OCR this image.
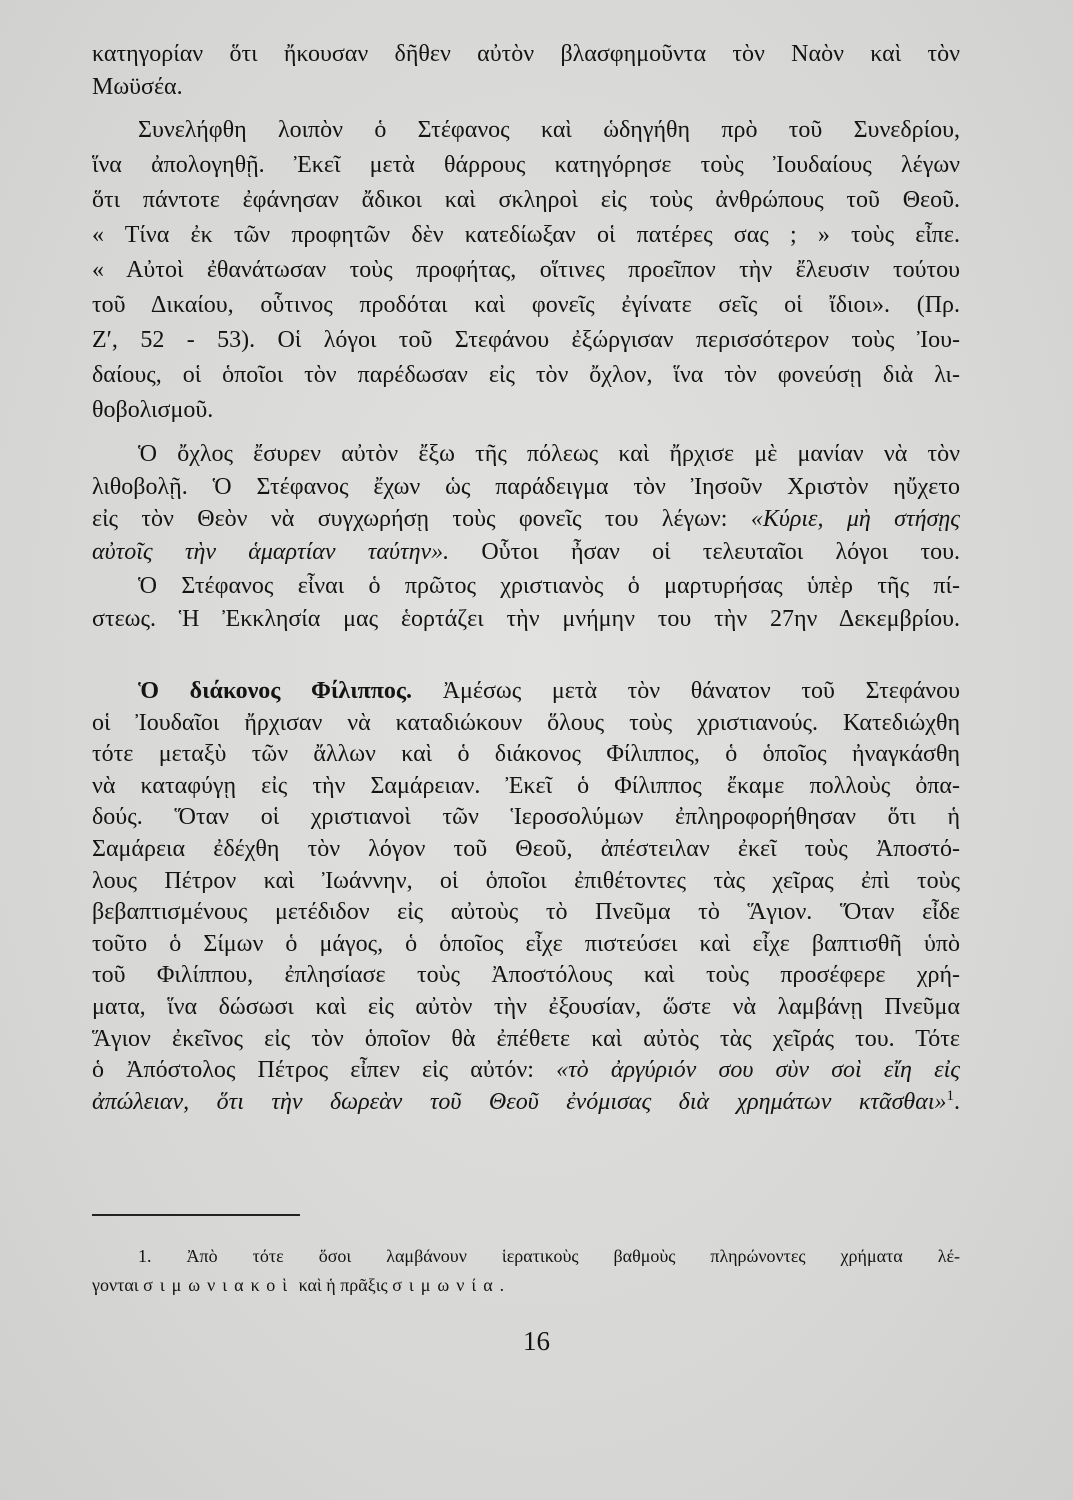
κατηγορίαν ὅτι ἤκουσαν δῆθεν αὐτὸν βλασφημοῦντα τὸν Ναὸν καὶ τὸν
Μωϋσέα.
Συνελήφθη λοιπὸν ὁ Στέφανος καὶ ὡδηγήθη πρὸ τοῦ Συνεδρίου,
ἵνα ἀπολογηθῇ. Ἐκεῖ μετὰ θάρρους κατηγόρησε τοὺς Ἰουδαίους λέγων
ὅτι πάντοτε ἐφάνησαν ἄδικοι καὶ σκληροὶ εἰς τοὺς ἀνθρώπους τοῦ Θεοῦ.
« Τίνα ἐκ τῶν προφητῶν δὲν κατεδίωξαν οἱ πατέρες σας ; » τοὺς εἶπε.
« Αὐτοὶ ἐθανάτωσαν τοὺς προφήτας, οἵτινες προεῖπον τὴν ἔλευσιν τούτου
τοῦ Δικαίου, οὗτινος προδόται καὶ φονεῖς ἐγίνατε σεῖς οἱ ἴδιοι». (Πρ.
Ζ′, 52 - 53). Οἱ λόγοι τοῦ Στεφάνου ἐξώργισαν περισσότερον τοὺς Ἰου-
δαίους, οἱ ὁποῖοι τὸν παρέδωσαν εἰς τὸν ὄχλον, ἵνα τὸν φονεύσῃ διὰ λι-
θοβολισμοῦ.
Ὁ ὄχλος ἔσυρεν αὐτὸν ἔξω τῆς πόλεως καὶ ἤρχισε μὲ μανίαν νὰ τὸν
λιθοβολῇ. Ὁ Στέφανος ἔχων ὡς παράδειγμα τὸν Ἰησοῦν Χριστὸν ηὔχετο
εἰς τὸν Θεὸν νὰ συγχωρήσῃ τοὺς φονεῖς του λέγων: «Κύριε, μὴ στήσῃς
αὐτοῖς τὴν ἁμαρτίαν ταύτην». Οὗτοι ἦσαν οἱ τελευταῖοι λόγοι του.
Ὁ Στέφανος εἶναι ὁ πρῶτος χριστιανὸς ὁ μαρτυρήσας ὑπὲρ τῆς πί-
στεως. Ἡ Ἐκκλησία μας ἑορτάζει τὴν μνήμην του τὴν 27ην Δεκεμβρίου.
Ὁ διάκονος Φίλιππος. Ἀμέσως μετὰ τὸν θάνατον τοῦ Στεφάνου
οἱ Ἰουδαῖοι ἤρχισαν νὰ καταδιώκουν ὅλους τοὺς χριστιανούς. Κατεδιώχθη
τότε μεταξὺ τῶν ἄλλων καὶ ὁ διάκονος Φίλιππος, ὁ ὁποῖος ἠναγκάσθη
νὰ καταφύγῃ εἰς τὴν Σαμάρειαν. Ἐκεῖ ὁ Φίλιππος ἔκαμε πολλοὺς ὀπα-
δούς. Ὅταν οἱ χριστιανοὶ τῶν Ἱεροσολύμων ἐπληροφορήθησαν ὅτι ἡ
Σαμάρεια ἐδέχθη τὸν λόγον τοῦ Θεοῦ, ἀπέστειλαν ἐκεῖ τοὺς Ἀποστό-
λους Πέτρον καὶ Ἰωάννην, οἱ ὁποῖοι ἐπιθέτοντες τὰς χεῖρας ἐπὶ τοὺς
βεβαπτισμένους μετέδιδον εἰς αὐτοὺς τὸ Πνεῦμα τὸ Ἅγιον. Ὅταν εἶδε
τοῦτο ὁ Σίμων ὁ μάγος, ὁ ὁποῖος εἶχε πιστεύσει καὶ εἶχε βαπτισθῆ ὑπὸ
τοῦ Φιλίππου, ἐπλησίασε τοὺς Ἀποστόλους καὶ τοὺς προσέφερε χρή-
ματα, ἵνα δώσωσι καὶ εἰς αὐτὸν τὴν ἐξουσίαν, ὥστε νὰ λαμβάνῃ Πνεῦμα
Ἅγιον ἐκεῖνος εἰς τὸν ὁποῖον θὰ ἐπέθετε καὶ αὐτὸς τὰς χεῖράς του. Τότε
ὁ Ἀπόστολος Πέτρος εἶπεν εἰς αὐτόν: «τὸ ἀργύριόν σου σὺν σοὶ εἴη εἰς
ἀπώλειαν, ὅτι τὴν δωρεὰν τοῦ Θεοῦ ἐνόμισας διὰ χρημάτων κτᾶσθαι»$^1$.
1. Ἀπὸ τότε ὅσοι λαμβάνουν ἱερατικοὺς βαθμοὺς πληρώνοντες χρήματα λέ-
γονται σιμωνιακοὶ καὶ ἡ πρᾶξις σιμωνία.
16
